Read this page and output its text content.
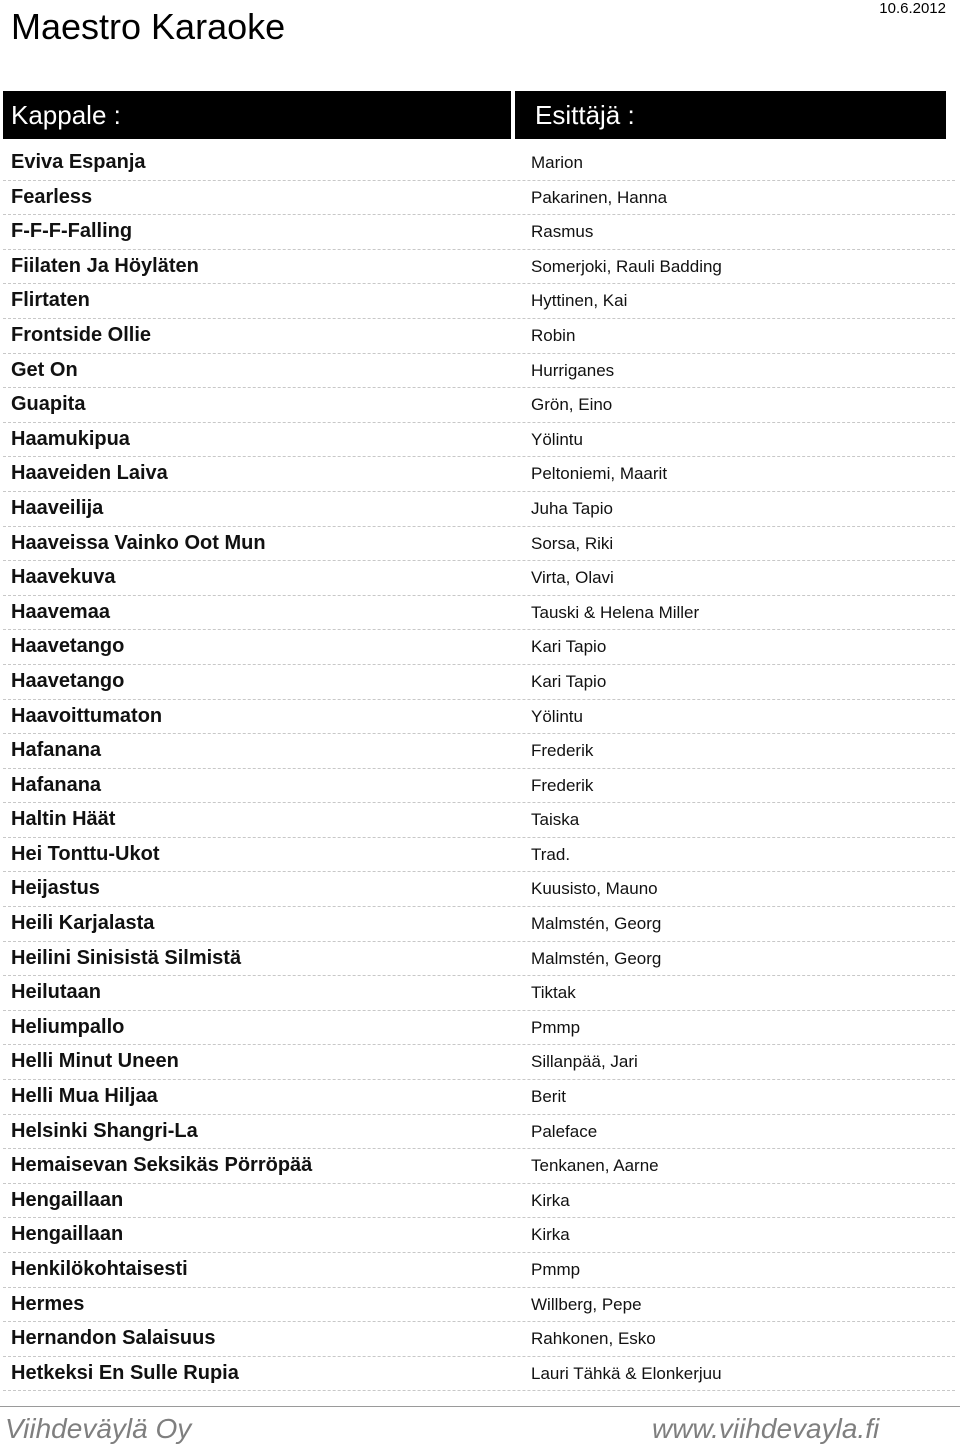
Maestro Karaoke	10.6.2012
Kappale :	Esittäjä :
Eviva Espanja	Marion
Fearless	Pakarinen, Hanna
F-F-F-Falling	Rasmus
Fiilaten Ja Höyläten	Somerjoki, Rauli Badding
Flirtaten	Hyttinen, Kai
Frontside Ollie	Robin
Get On	Hurriganes
Guapita	Grön, Eino
Haamukipua	Yölintu
Haaveiden Laiva	Peltoniemi, Maarit
Haaveilija	Juha Tapio
Haaveissa Vainko Oot Mun	Sorsa, Riki
Haavekuva	Virta, Olavi
Haavemaa	Tauski & Helena Miller
Haavetango	Kari Tapio
Haavetango	Kari Tapio
Haavoittumaton	Yölintu
Hafanana	Frederik
Hafanana	Frederik
Haltin Häät	Taiska
Hei Tonttu-Ukot	Trad.
Heijastus	Kuusisto, Mauno
Heili Karjalasta	Malmstén, Georg
Heilini Sinisistä Silmistä	Malmstén, Georg
Heilutaan	Tiktak
Heliumpallo	Pmmp
Helli Minut Uneen	Sillanpää, Jari
Helli Mua Hiljaa	Berit
Helsinki Shangri-La	Paleface
Hemaisevan Seksikäs Pörröpää	Tenkanen, Aarne
Hengaillaan	Kirka
Hengaillaan	Kirka
Henkilökohtaisesti	Pmmp
Hermes	Willberg, Pepe
Hernandon Salaisuus	Rahkonen, Esko
Hetkeksi En Sulle Rupia	Lauri Tähkä & Elonkerjuu
Viihdeväylä Oy	www.viihdevayla.fi
